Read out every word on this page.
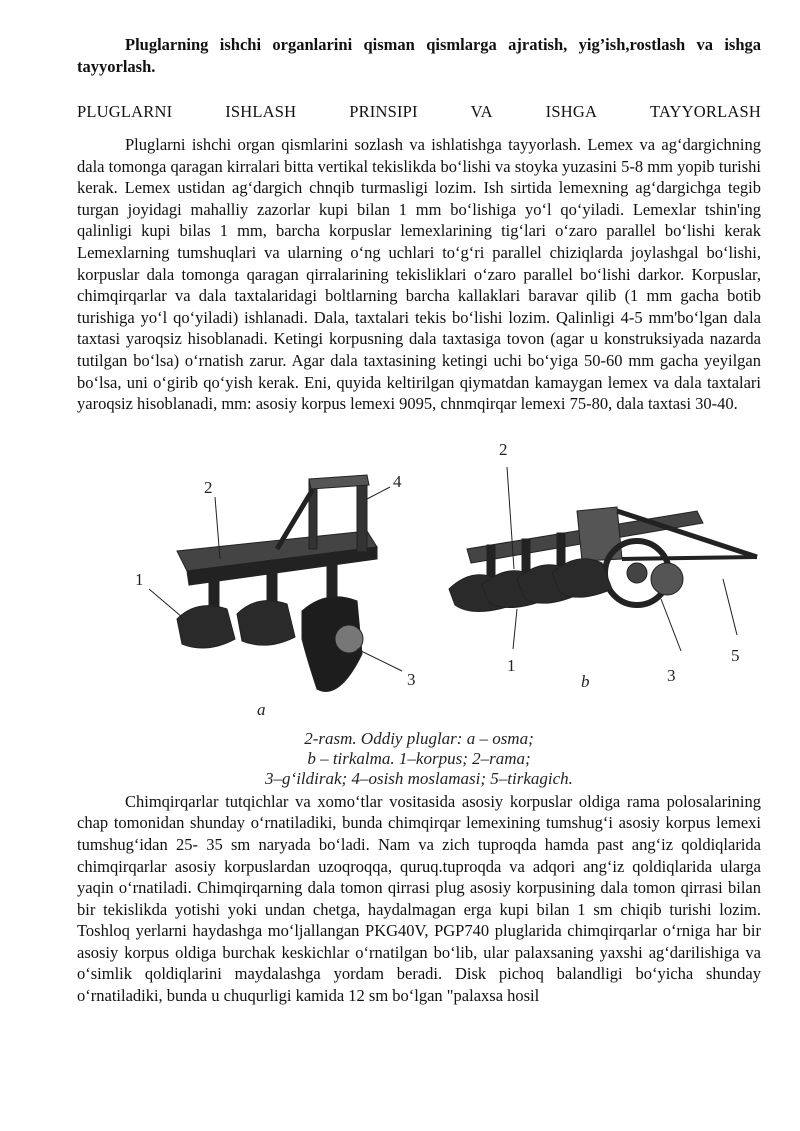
Pluglarning ishchi organlarini qisman qismlarga ajratish, yig’ish,rostlash va ishga tayyorlash.

PLUGLARNI	ISHLASH	PRINSIPI	VA	ISHGA	TAYYORLASH

Pluglarni ishchi organ qismlarini sozlash va ishlatishga tayyorlash. Lemex va ag‘dargichning dala tomonga qaragan kirralari bitta vertikal tekislikda bo‘lishi va stoyka yuzasini 5-8 mm yopib turishi kerak. Lemex ustidan ag‘dargich chnqib turmasligi lozim. Ish sirtida lemexning ag‘dargichga tegib turgan joyidagi mahalliy zazorlar kupi bilan 1 mm bo‘lishiga yo‘l qo‘yiladi. Lemexlar tshin'ing qalinligi kupi bilas 1 mm, barcha korpuslar lemexlarining tig‘lari o‘zaro parallel bo‘lishi kerak Lemexlarning tumshuqlari va ularning o‘ng uchlari to‘g‘ri parallel chiziqlarda joylashgal bo‘lishi, korpuslar dala tomonga qaragan qirralarining tekisliklari o‘zaro parallel bo‘lishi darkor. Korpuslar, chimqirqarlar va dala taxtalaridagi boltlarning barcha kallaklari baravar qilib (1 mm gacha botib turishiga yo‘l qo‘yiladi) ishlanadi. Dala, taxtalari tekis bo‘lishi lozim. Qalinligi 4-5 mm'bo‘lgan dala taxtasi yaroqsiz hisoblanadi. Ketingi korpusning dala taxtasiga tovon (agar u konstruksiyada nazarda tutilgan bo‘lsa) o‘rnatish zarur. Agar dala taxtasining ketingi uchi bo‘yiga 50-60 mm gacha yeyilgan bo‘lsa, uni o‘girib qo‘yish kerak. Eni, quyida keltirilgan qiymatdan kamaygan lemex va dala taxtalari yaroqsiz hisoblanadi, mm: asosiy korpus lemexi 9095, chnmqirqar lemexi 75-80, dala taxtasi 30-40.

2	4
1
3
a
2
1
3
5
b
2-rasm. Oddiy pluglar: a – osma;
b – tirkalma. 1–korpus; 2–rama;
3–g‘ildirak; 4–osish moslamasi; 5–tirkagich.

Chimqirqarlar tutqichlar va xomo‘tlar vositasida asosiy korpuslar oldiga rama polosalarining chap tomonidan shunday o‘rnatiladiki, bunda chimqirqar lemexining tumshug‘i asosiy korpus lemexi tumshug‘idan 25- 35 sm naryada bo‘ladi. Nam va zich tuproqda hamda past ang‘iz qoldiqlarida chimqirqarlar asosiy korpuslardan uzoqroqqa, quruq.tuproqda va adqori ang‘iz qoldiqlarida ularga yaqin o‘rnatiladi. Chimqirqarning dala tomon qirrasi plug asosiy korpusining dala tomon qirrasi bilan bir tekislikda yotishi yoki undan chetga, haydalmagan erga kupi bilan 1 sm chiqib turishi lozim. Toshloq yerlarni haydashga mo‘ljallangan PKG40V, PGP740 pluglarida chimqirqarlar o‘rniga har bir asosiy korpus oldiga burchak keskichlar o‘rnatilgan bo‘lib, ular palaxsaning yaxshi ag‘darilishiga va o‘simlik qoldiqlarini maydalashga yordam beradi. Disk pichoq balandligi bo‘yicha shunday o‘rnatiladiki, bunda u chuqurligi kamida 12 sm bo‘lgan "palaxsa hosil
